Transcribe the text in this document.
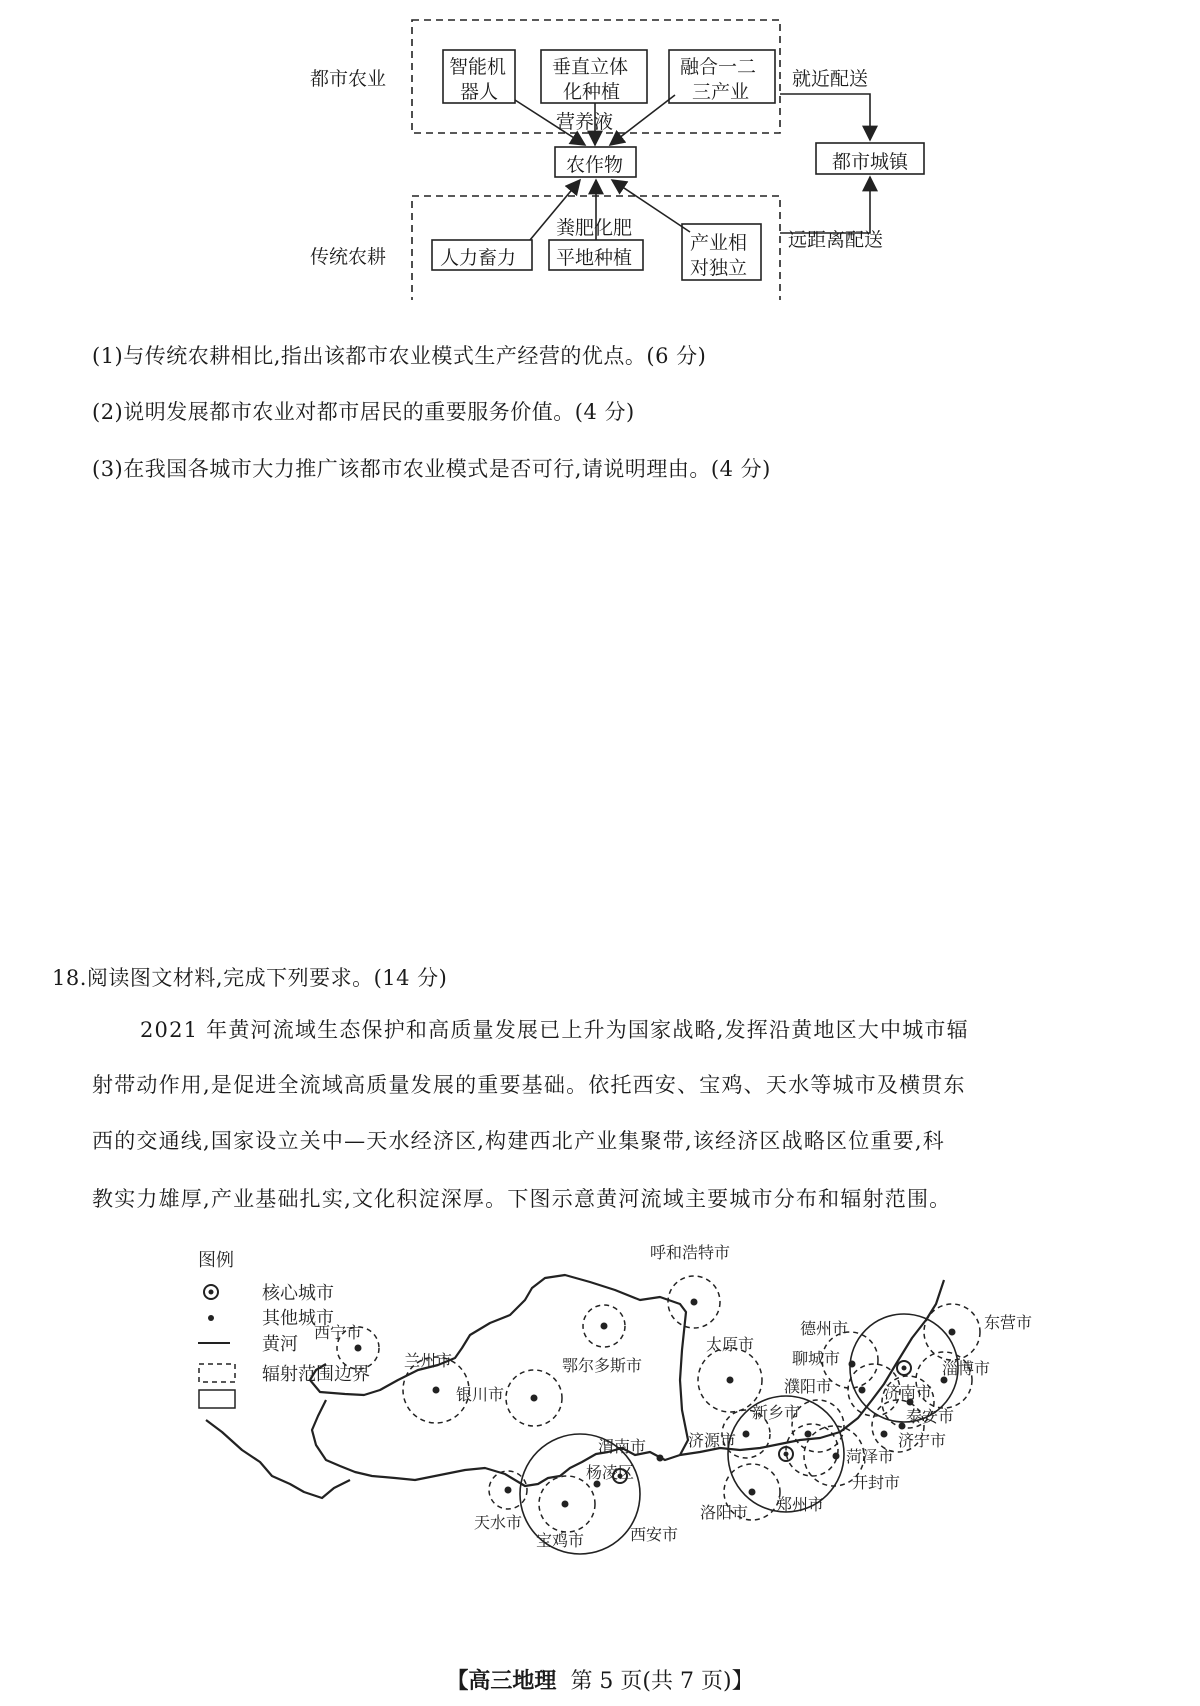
都市农业
传统农耕
智能机
器人
垂直立体
化种植
融合一二
三产业
营养液
农作物
粪肥化肥
人力畜力 平地种植
产业相
对独立
就近配送
远距离配送
都市城镇
(1)与传统农耕相比,指出该都市农业模式生产经营的优点。(6 分)
(2)说明发展都市农业对都市居民的重要服务价值。(4 分)
(3)在我国各城市大力推广该都市农业模式是否可行,请说明理由。(4 分)
18.阅读图文材料,完成下列要求。(14 分)
2021 年黄河流域生态保护和高质量发展已上升为国家战略,发挥沿黄地区大中城市辐
射带动作用,是促进全流域高质量发展的重要基础。依托西安、宝鸡、天水等城市及横贯东
西的交通线,国家设立关中—天水经济区,构建西北产业集聚带,该经济区战略区位重要,科
教实力雄厚,产业基础扎实,文化积淀深厚。下图示意黄河流域主要城市分布和辐射范围。
图例
核心城市
其他城市
黄河
辐射范围边界
呼和浩特市
鄂尔多斯市
太原市
银川市
西宁市
兰州市
渭南市	济源市
新乡市
濮阳市
德州市
聊城市
东营市
淄博市
济南市
泰安市
济宁市
菏泽市
开封市
郑州市
洛阳市
杨凌区
西安市
宝鸡市
天水市
【高三地理 第 5 页(共 7 页)】
